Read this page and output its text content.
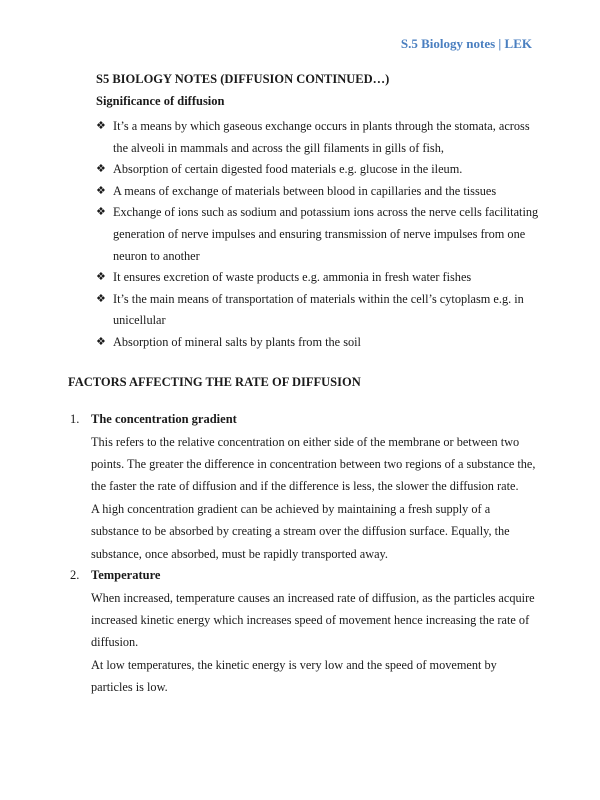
S.5 Biology notes | LEK
S5 BIOLOGY NOTES (DIFFUSION CONTINUED…)
Significance of diffusion
❖ It’s a means by which gaseous exchange occurs in plants through the stomata, across the alveoli in mammals and across the gill filaments in gills of fish,
❖ Absorption of certain digested food materials e.g. glucose in the ileum.
❖ A means of exchange of materials between blood in capillaries and the tissues
❖ Exchange of ions such as sodium and potassium ions across the nerve cells facilitating generation of nerve impulses and ensuring transmission of nerve impulses from one neuron to another
❖ It ensures excretion of waste products e.g. ammonia in fresh water fishes
❖ It’s the main means of transportation of materials within the cell’s cytoplasm e.g. in unicellular
❖ Absorption of mineral salts by plants from the soil
FACTORS AFFECTING THE RATE OF DIFFUSION
1. The concentration gradient

This refers to the relative concentration on either side of the membrane or between two points. The greater the difference in concentration between two regions of a substance the, the faster the rate of diffusion and if the difference is less, the slower the diffusion rate.

A high concentration gradient can be achieved by maintaining a fresh supply of a substance to be absorbed by creating a stream over the diffusion surface. Equally, the substance, once absorbed, must be rapidly transported away.

2. Temperature

When increased, temperature causes an increased rate of diffusion, as the particles acquire increased kinetic energy which increases speed of movement hence increasing the rate of diffusion.

At low temperatures, the kinetic energy is very low and the speed of movement by particles is low.
